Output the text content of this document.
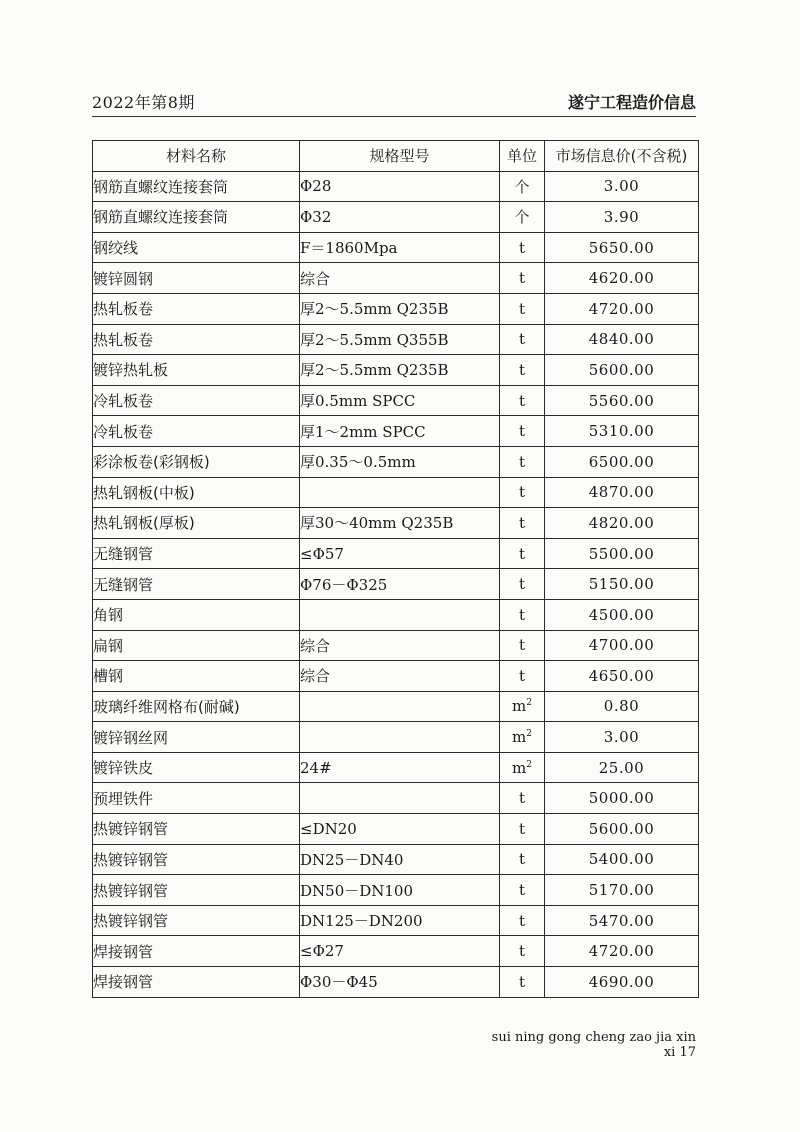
2022年第8期	遂宁工程造价信息
材料名称	规格型号	单位	市场信息价(不含税)
钢筋直螺纹连接套筒	Φ28	个	3.00
钢筋直螺纹连接套筒	Φ32	个	3.90
钢绞线	F＝1860Mpa	t	5650.00
镀锌圆钢	综合	t	4620.00
热轧板卷	厚2～5.5mm Q235B	t	4720.00
热轧板卷	厚2～5.5mm Q355B	t	4840.00
镀锌热轧板	厚2～5.5mm Q235B	t	5600.00
冷轧板卷	厚0.5mm SPCC	t	5560.00
冷轧板卷	厚1～2mm SPCC	t	5310.00
彩涂板卷(彩钢板)	厚0.35～0.5mm	t	6500.00
热轧钢板(中板)		t	4870.00
热轧钢板(厚板)	厚30～40mm Q235B	t	4820.00
无缝钢管	≤Φ57	t	5500.00
无缝钢管	Φ76－Φ325	t	5150.00
角钢		t	4500.00
扁钢	综合	t	4700.00
槽钢	综合	t	4650.00
玻璃纤维网格布(耐碱)		$m^2$	0.80
镀锌钢丝网		$m^2$	3.00
镀锌铁皮	24#	$m^2$	25.00
预埋铁件		t	5000.00
热镀锌钢管	≤DN20	t	5600.00
热镀锌钢管	DN25－DN40	t	5400.00
热镀锌钢管	DN50－DN100	t	5170.00
热镀锌钢管	DN125－DN200	t	5470.00
焊接钢管	≤Φ27	t	4720.00
焊接钢管	Φ30－Φ45	t	4690.00
sui ning gong cheng zao jia xin xi 17
